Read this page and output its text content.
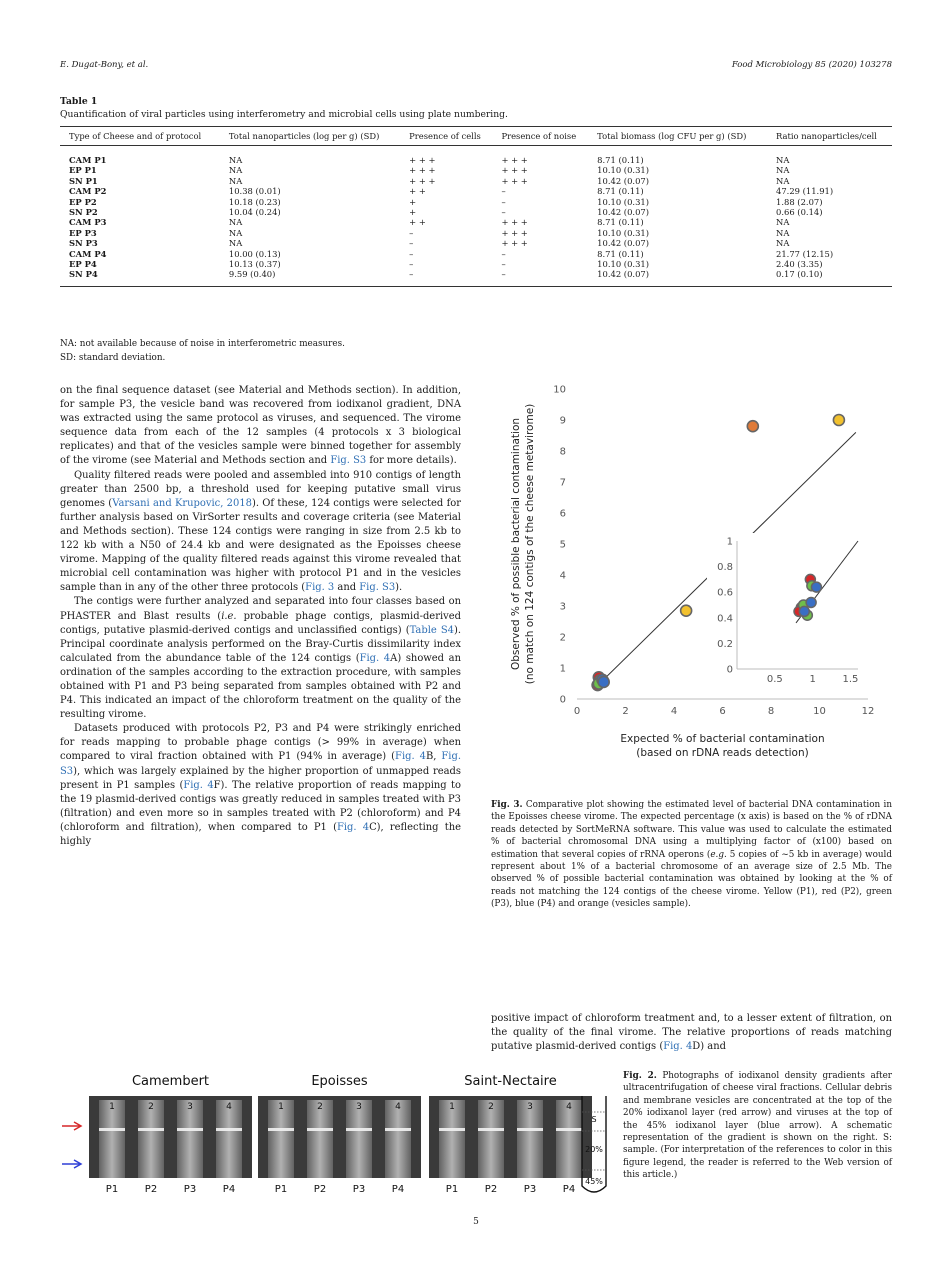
E. Dugat-Bony, et al.	Food Microbiology 85 (2020) 103278
Table 1
Quantification of viral particles using interferometry and microbial cells using plate numbering.
Type of Cheese and of protocol	Total nanoparticles (log per g) (SD)	Presence of cells	Presence of noise	Total biomass (log CFU per g) (SD)	Ratio nanoparticles/cell
CAM P1	NA	+ + +	+ + +	8.71 (0.11)	NA
EP P1	NA	+ + +	+ + +	10.10 (0.31)	NA
SN P1	NA	+ + +	+ + +	10.42 (0.07)	NA
CAM P2	10.38 (0.01)	+ +	–	8.71 (0.11)	47.29 (11.91)
EP P2	10.18 (0.23)	+	–	10.10 (0.31)	1.88 (2.07)
SN P2	10.04 (0.24)	+	–	10.42 (0.07)	0.66 (0.14)
CAM P3	NA	+ +	+ + +	8.71 (0.11)	NA
EP P3	NA	–	+ + +	10.10 (0.31)	NA
SN P3	NA	–	+ + +	10.42 (0.07)	NA
CAM P4	10.00 (0.13)	–	–	8.71 (0.11)	21.77 (12.15)
EP P4	10.13 (0.37)	–	–	10.10 (0.31)	2.40 (3.35)
SN P4	9.59 (0.40)	–	–	10.42 (0.07)	0.17 (0.10)
NA: not available because of noise in interferometric measures.
SD: standard deviation.

on the final sequence dataset (see Material and Methods section). In addition, for sample P3, the vesicle band was recovered from iodixanol gradient, DNA was extracted using the same protocol as viruses, and sequenced. The virome sequence data from each of the 12 samples (4 protocols x 3 biological replicates) and that of the vesicles sample were binned together for assembly of the virome (see Material and Methods section and Fig. S3 for more details).

Quality filtered reads were pooled and assembled into 910 contigs of length greater than 2500 bp, a threshold used for keeping putative small virus genomes (Varsani and Krupovic, 2018). Of these, 124 contigs were selected for further analysis based on VirSorter results and coverage criteria (see Material and Methods section). These 124 contigs were ranging in size from 2.5 kb to 122 kb with a N50 of 24.4 kb and were designated as the Epoisses cheese virome. Mapping of the quality filtered reads against this virome revealed that microbial cell contamination was higher with protocol P1 and in the vesicles sample than in any of the other three protocols (Fig. 3 and Fig. S3).

The contigs were further analyzed and separated into four classes based on PHASTER and Blast results (i.e. probable phage contigs, plasmid-derived contigs, putative plasmid-derived contigs and unclassified contigs) (Table S4). Principal coordinate analysis performed on the Bray-Curtis dissimilarity index calculated from the abundance table of the 124 contigs (Fig. 4A) showed an ordination of the samples according to the extraction procedure, with samples obtained with P1 and P3 being separated from samples obtained with P2 and P4. This indicated an impact of the chloroform treatment on the quality of the resulting virome.

Datasets produced with protocols P2, P3 and P4 were strikingly enriched for reads mapping to probable phage contigs (> 99% in average) when compared to viral fraction obtained with P1 (94% in average) (Fig. 4B, Fig. S3), which was largely explained by the higher proportion of unmapped reads present in P1 samples (Fig. 4F). The relative proportion of reads mapping to the 19 plasmid-derived contigs was greatly reduced in samples treated with P3 (filtration) and even more so in samples treated with P2 (chloroform) and P4 (chloroform and filtration), when compared to P1 (Fig. 4C), reflecting the highly

0	2	4	6	8	10	12
0
1
2
3
4
5
6
7
8
9
10
Expected % of bacterial contamination
(based on rDNA reads detection)
Observed % of possible bacterial contamination (no match on 124 contigs of the cheese metavirome)	0.5	1	1.5
0
0.2
0.4
0.6
0.8
1
Fig. 3. Comparative plot showing the estimated level of bacterial DNA contamination in the Epoisses cheese virome. The expected percentage (x axis) is based on the % of rDNA reads detected by SortMeRNA software. This value was used to calculate the estimated % of bacterial chromosomal DNA using a multiplying factor of (x100) based on estimation that several copies of rRNA operons (e.g. 5 copies of ~5 kb in average) would represent about 1% of a bacterial chromosome of an average size of 2.5 Mb. The observed % of possible bacterial contamination was obtained by looking at the % of reads not matching the 124 contigs of the cheese virome. Yellow (P1), red (P2), green (P3), blue (P4) and orange (vesicles sample).

positive impact of chloroform treatment and, to a lesser extent of filtration, on the quality of the final virome. The relative proportions of reads matching putative plasmid-derived contigs (Fig. 4D) and

Camembert
1
P1
2
P2
3
P3
4
P4
Epoisses
1
P1
2
P2
3
P3
4
P4
Saint-Nectaire
1
P1
2
P2
3
P3
4
P4
S
20%
45%
Fig. 2. Photographs of iodixanol density gradients after ultracentrifugation of cheese viral fractions. Cellular debris and membrane vesicles are concentrated at the top of the 20% iodixanol layer (red arrow) and viruses at the top of the 45% iodixanol layer (blue arrow). A schematic representation of the gradient is shown on the right. S: sample. (For interpretation of the references to color in this figure legend, the reader is referred to the Web version of this article.)
5
